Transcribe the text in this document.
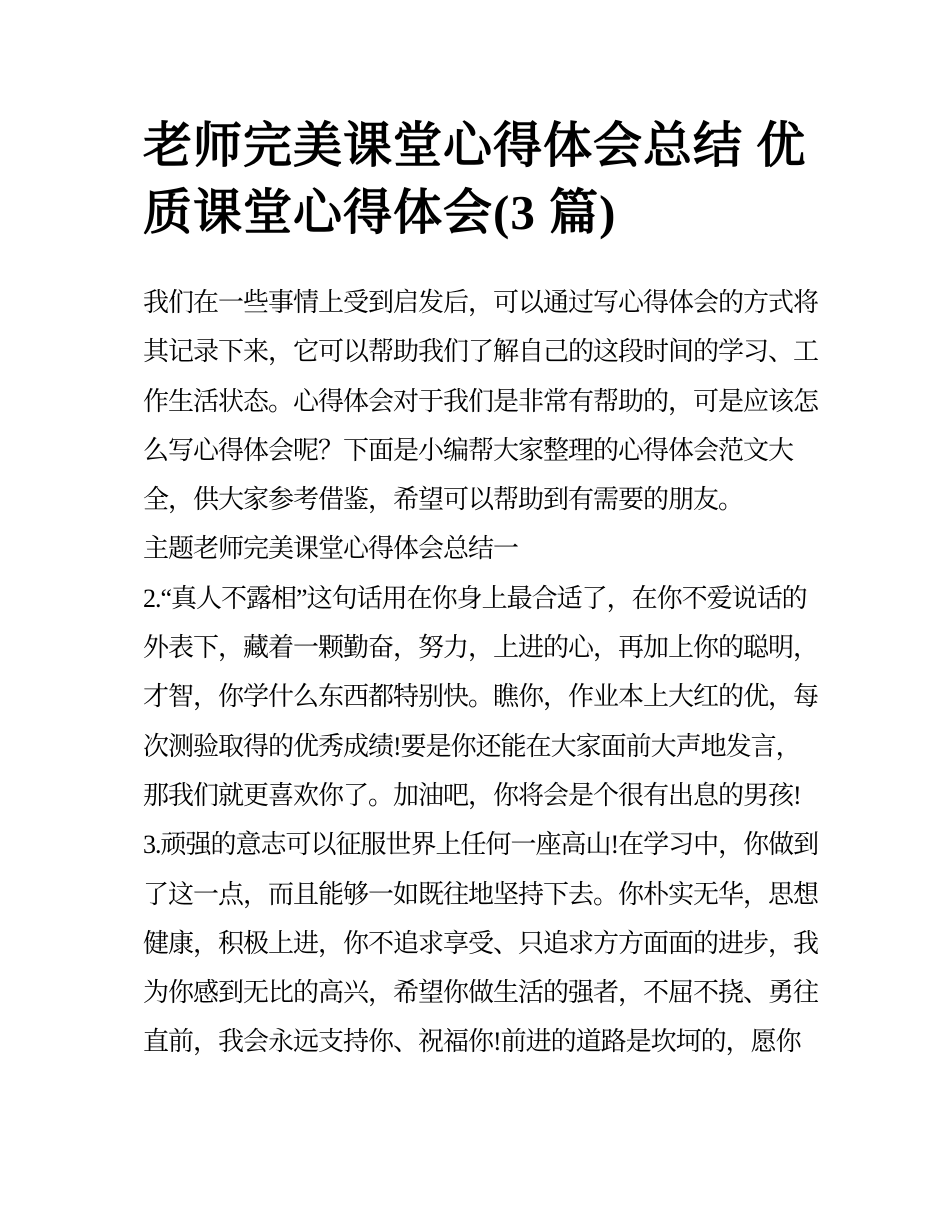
老师完美课堂心得体会总结 优
质课堂心得体会(3 篇)
我们在一些事情上受到启发后，可以通过写心得体会的方式将
其记录下来，它可以帮助我们了解自己的这段时间的学习、工
作生活状态。心得体会对于我们是非常有帮助的，可是应该怎
么写心得体会呢？下面是小编帮大家整理的心得体会范文大
全，供大家参考借鉴，希望可以帮助到有需要的朋友。
主题老师完美课堂心得体会总结一
2.“真人不露相”这句话用在你身上最合适了，在你不爱说话的
外表下，藏着一颗勤奋，努力，上进的心，再加上你的聪明，
才智，你学什么东西都特别快。瞧你，作业本上大红的优，每
次测验取得的优秀成绩!要是你还能在大家面前大声地发言，
那我们就更喜欢你了。加油吧，你将会是个很有出息的男孩!
3.顽强的意志可以征服世界上任何一座高山!在学习中，你做到
了这一点，而且能够一如既往地坚持下去。你朴实无华，思想
健康，积极上进，你不追求享受、只追求方方面面的进步，我
为你感到无比的高兴，希望你做生活的强者，不屈不挠、勇往
直前，我会永远支持你、祝福你!前进的道路是坎坷的，愿你
